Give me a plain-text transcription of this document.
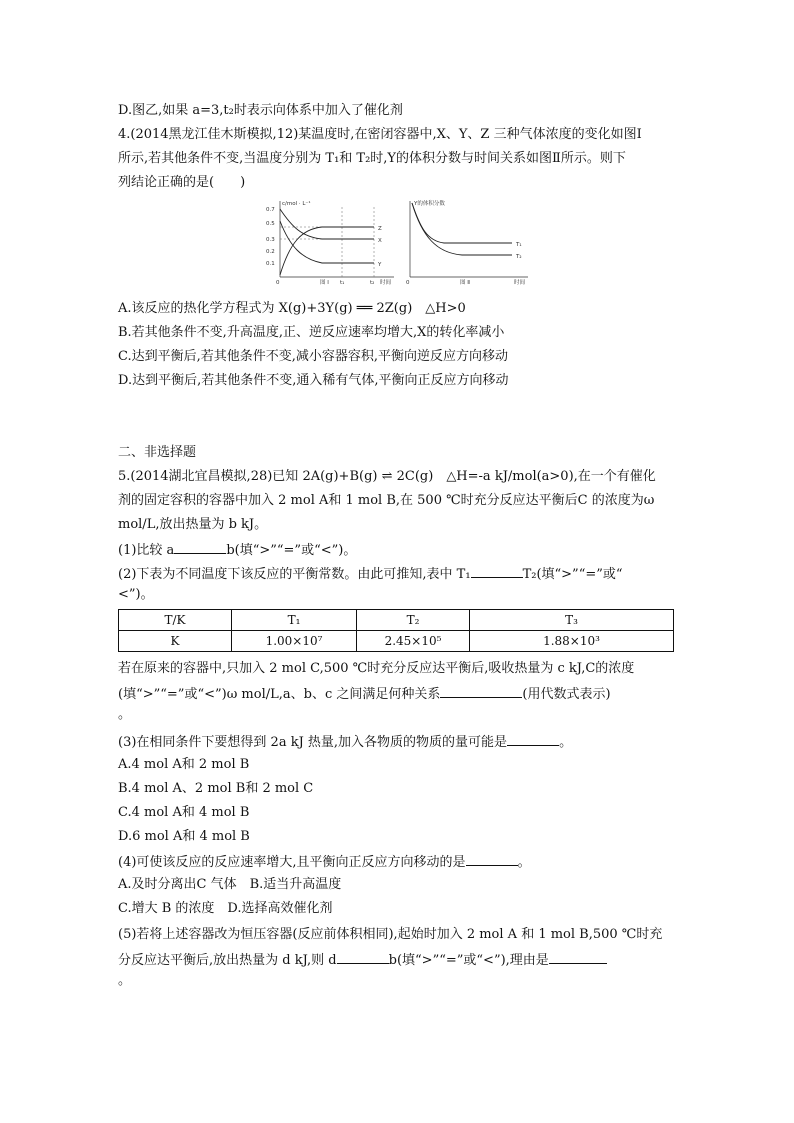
D.图乙,如果 a=3,t₂时表示向体系中加入了催化剂
4.(2014黑龙江佳木斯模拟,12)某温度时,在密闭容器中,X、Y、Z 三种气体浓度的变化如图Ⅰ
所示,若其他条件不变,当温度分别为 T₁和 T₂时,Y的体积分数与时间关系如图Ⅱ所示。则下
列结论正确的是(　　)
c/mol · L⁻¹
0.7
0.5
0.3
0.2
0.1
Z
X
Y
0	t₁	t₂ 时间
图 Ⅰ
Y的体积分数
T₁
T₂
0	时间
图 Ⅱ
A.该反应的热化学方程式为 X(g)+3Y(g) ══ 2Z(g)　△H>0
B.若其他条件不变,升高温度,正、逆反应速率均增大,X的转化率减小
C.达到平衡后,若其他条件不变,减小容器容积,平衡向逆反应方向移动
D.达到平衡后,若其他条件不变,通入稀有气体,平衡向正反应方向移动
二、非选择题
5.(2014湖北宜昌模拟,28)已知 2A(g)+B(g) ⇌ 2C(g)　△H=-a kJ/mol(a>0),在一个有催化
剂的固定容积的容器中加入 2 mol A和 1 mol B,在 500 ℃时充分反应达平衡后C 的浓度为ω
mol/L,放出热量为 b kJ。
(1)比较 a	b(填“>”“=”或“<”)。
(2)下表为不同温度下该反应的平衡常数。由此可推知,表中 T₁	T₂(填“>”“=”或“
<”)。
T/K	T₁	T₂	T₃
K	1.00×10⁷	2.45×10⁵	1.88×10³
若在原来的容器中,只加入 2 mol C,500 ℃时充分反应达平衡后,吸收热量为 c kJ,C的浓度
(填“>”“=”或“<”)ω mol/L,a、b、c 之间满足何种关系	(用代数式表示)
。
(3)在相同条件下要想得到 2a kJ 热量,加入各物质的物质的量可能是	。
A.4 mol A和 2 mol B
B.4 mol A、2 mol B和 2 mol C
C.4 mol A和 4 mol B
D.6 mol A和 4 mol B
(4)可使该反应的反应速率增大,且平衡向正反应方向移动的是	。
A.及时分离出C 气体　B.适当升高温度
C.增大 B 的浓度　D.选择高效催化剂
(5)若将上述容器改为恒压容器(反应前体积相同),起始时加入 2 mol A 和 1 mol B,500 ℃时充
分反应达平衡后,放出热量为 d kJ,则 d	b(填“>”“=”或“<”),理由是
。
